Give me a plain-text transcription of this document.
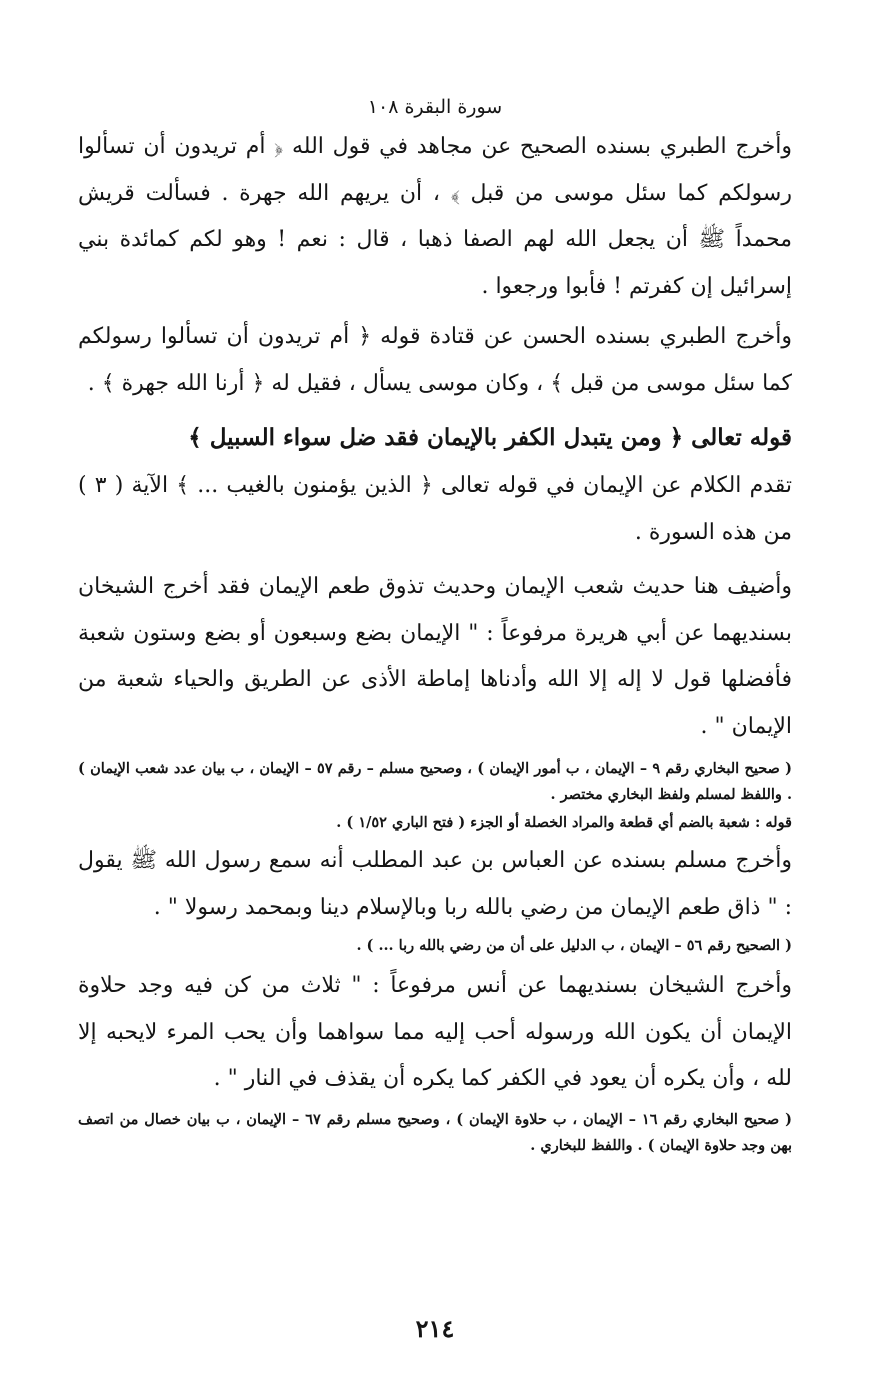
سورة البقرة ١٠٨

وأخرج الطبري بسنده الصحيح عن مجاهد في قول الله ﴿ أم تريدون أن تسألوا رسولكم كما سئل موسى من قبل ﴾ ، أن يريهم الله جهرة . فسألت قريش محمداً ﷺ أن يجعل الله لهم الصفا ذهبا ، قال : نعم ! وهو لكم كمائدة بني إسرائيل إن كفرتم ! فأبوا ورجعوا .

وأخرج الطبري بسنده الحسن عن قتادة قوله ﴿ أم تريدون أن تسألوا رسولكم كما سئل موسى من قبل ﴾ ، وكان موسى يسأل ، فقيل له ﴿ أرنا الله جهرة ﴾ .

قوله تعالى ﴿ ومن يتبدل الكفر بالإيمان فقد ضل سواء السبيل ﴾

تقدم الكلام عن الإيمان في قوله تعالى ﴿ الذين يؤمنون بالغيب ... ﴾ الآية ( ٣ ) من هذه السورة .

وأضيف هنا حديث شعب الإيمان وحديث تذوق طعم الإيمان فقد أخرج الشيخان بسنديهما عن أبي هريرة مرفوعاً : " الإيمان بضع وسبعون أو بضع وستون شعبة فأفضلها قول لا إله إلا الله وأدناها إماطة الأذى عن الطريق والحياء شعبة من الإيمان " .

( صحيح البخاري رقم ٩ – الإيمان ، ب أمور الإيمان ) ، وصحيح مسلم – رقم ٥٧ – الإيمان ، ب بيان عدد شعب الإيمان ) . واللفظ لمسلم ولفظ البخاري مختصر .

قوله : شعبة بالضم أي قطعة والمراد الخصلة أو الجزء ( فتح الباري ١/٥٢ ) .

وأخرج مسلم بسنده عن العباس بن عبد المطلب أنه سمع رسول الله ﷺ يقول : " ذاق طعم الإيمان من رضي بالله ربا وبالإسلام دينا وبمحمد رسولا " .

( الصحيح رقم ٥٦ – الإيمان ، ب الدليل على أن من رضي بالله ربا ... ) .

وأخرج الشيخان بسنديهما عن أنس مرفوعاً : " ثلاث من كن فيه وجد حلاوة الإيمان أن يكون الله ورسوله أحب إليه مما سواهما وأن يحب المرء لايحبه إلا لله ، وأن يكره أن يعود في الكفر كما يكره أن يقذف في النار " .

( صحيح البخاري رقم ١٦ – الإيمان ، ب حلاوة الإيمان ) ، وصحيح مسلم رقم ٦٧ – الإيمان ، ب بيان خصال من اتصف بهن وجد حلاوة الإيمان ) . واللفظ للبخاري .

٢١٤
